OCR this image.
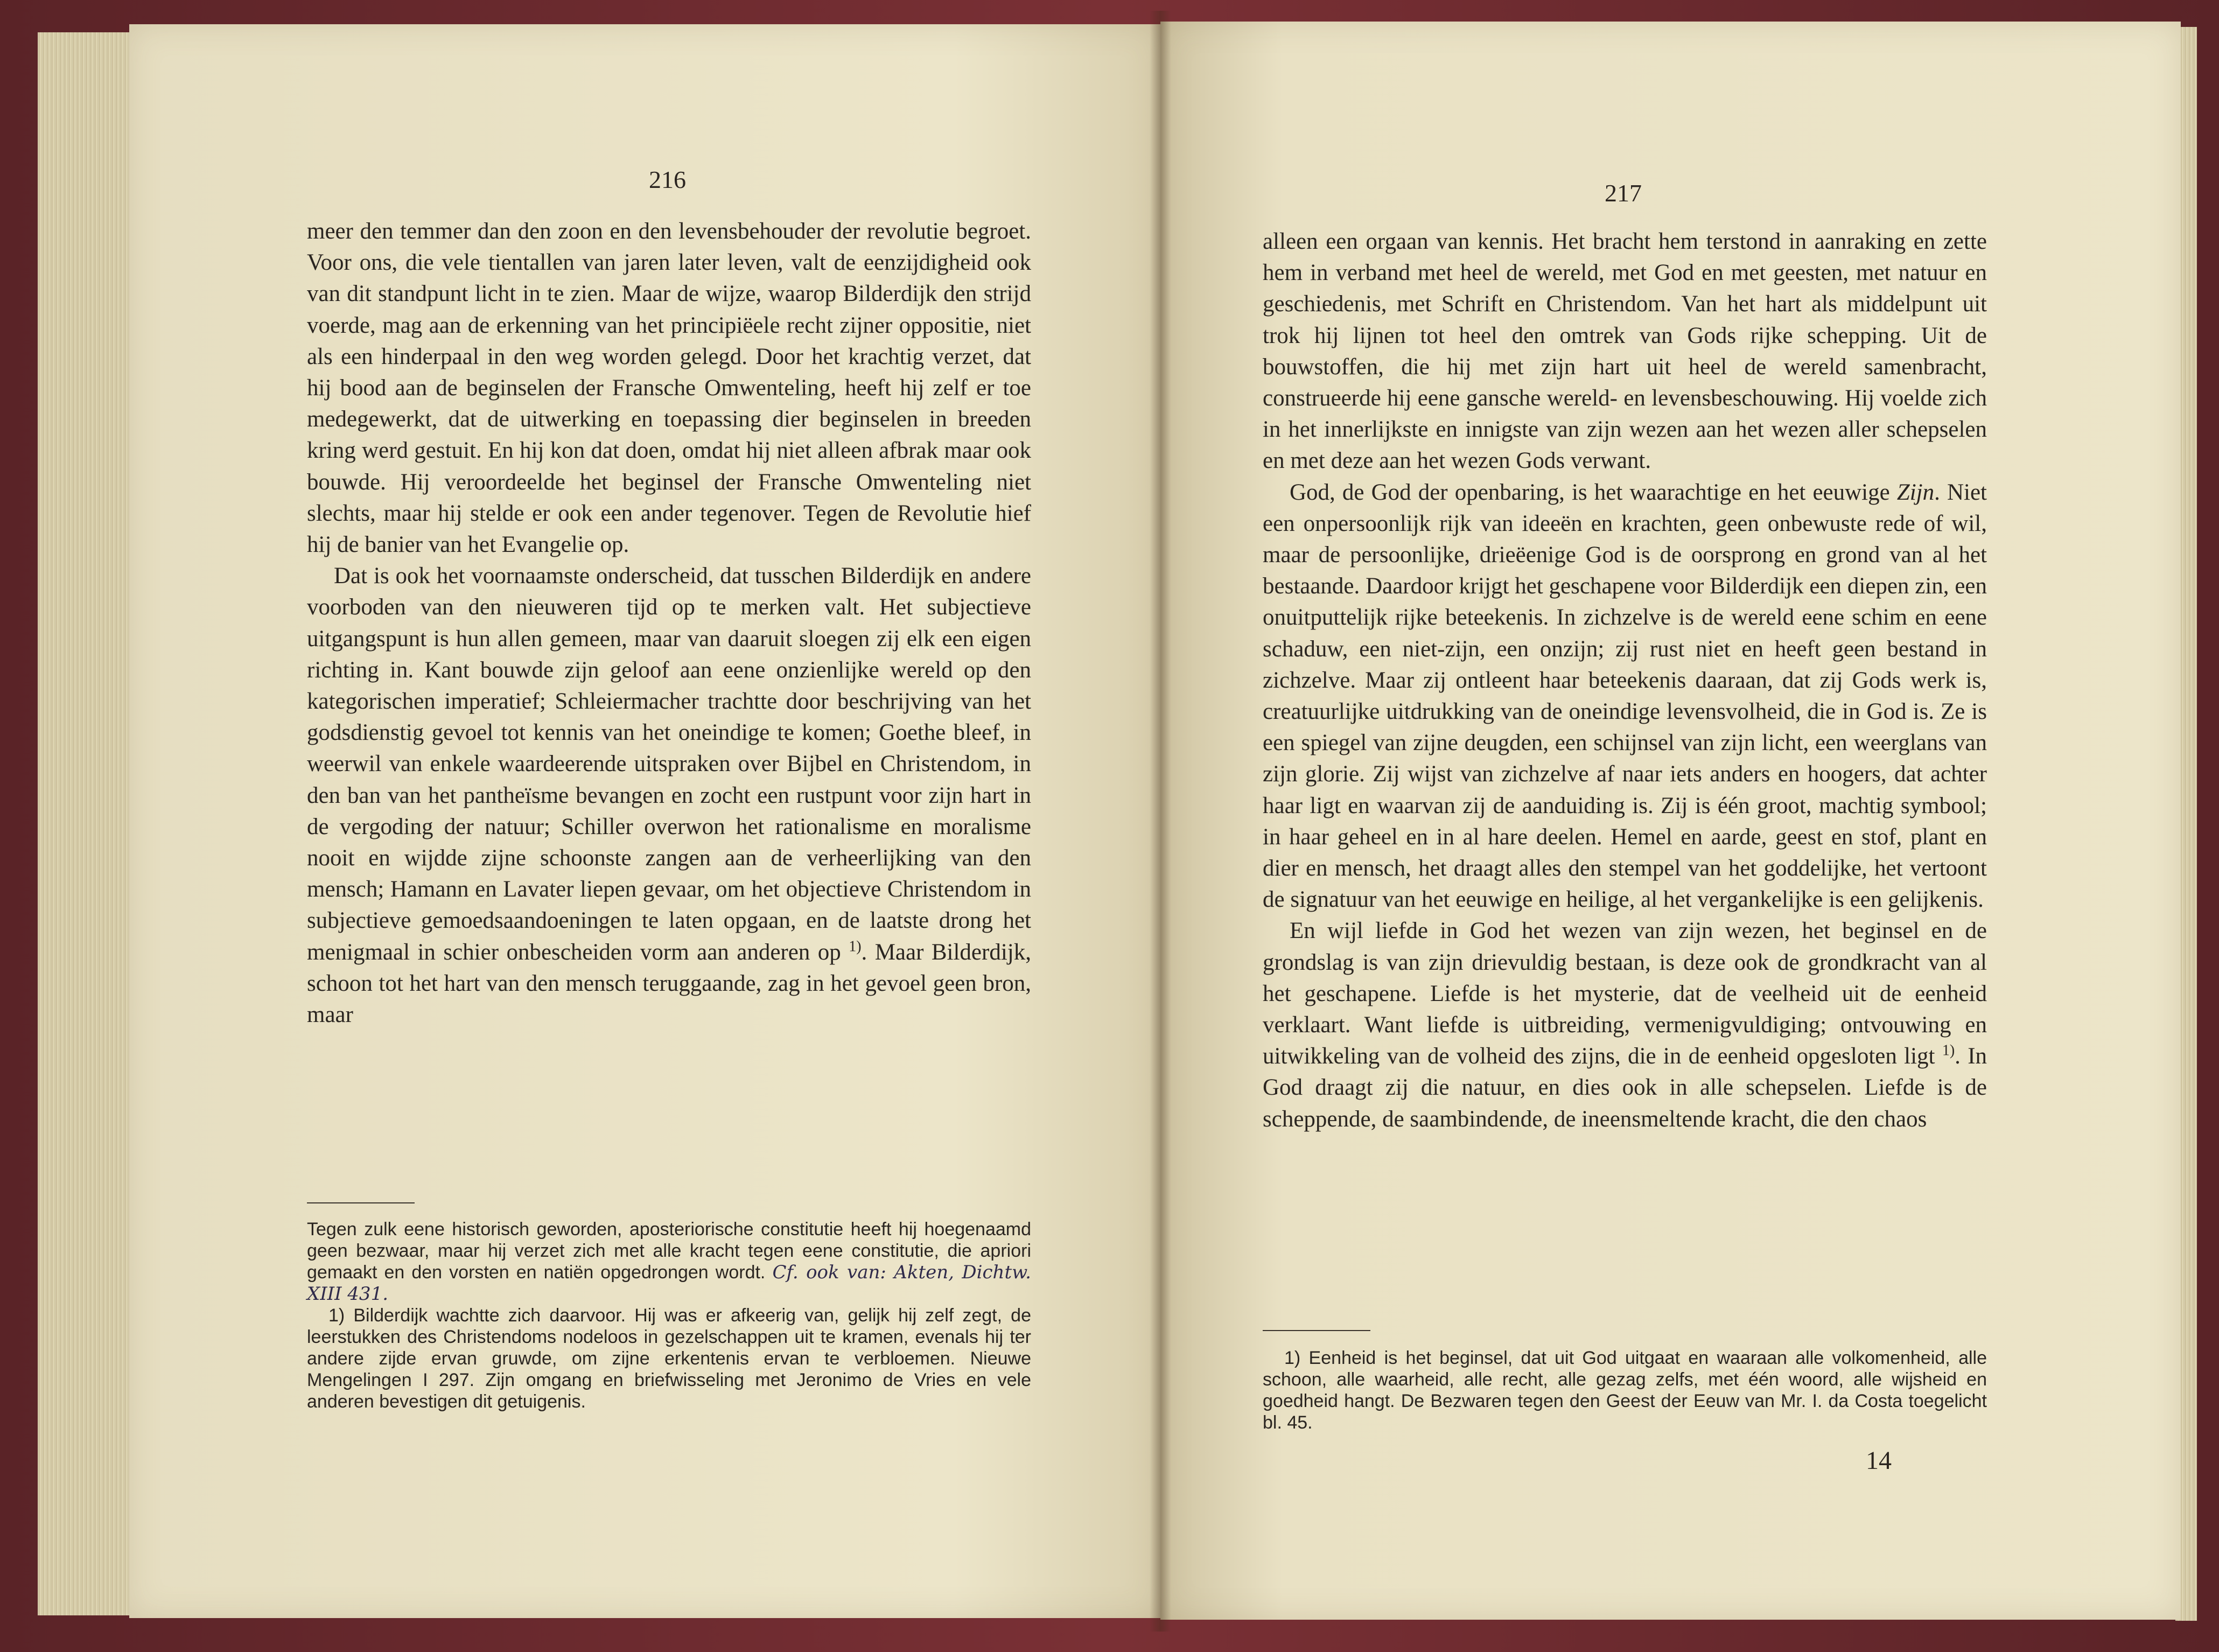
216

meer den temmer dan den zoon en den levensbehouder der revolutie begroet. Voor ons, die vele tientallen van jaren later leven, valt de eenzijdigheid ook van dit standpunt licht in te zien. Maar de wijze, waarop Bilderdijk den strijd voerde, mag aan de erkenning van het principiëele recht zijner oppositie, niet als een hinderpaal in den weg worden gelegd. Door het krachtig verzet, dat hij bood aan de beginselen der Fransche Omwenteling, heeft hij zelf er toe medegewerkt, dat de uitwerking en toepassing dier beginselen in breeden kring werd gestuit. En hij kon dat doen, omdat hij niet alleen afbrak maar ook bouwde. Hij veroordeelde het beginsel der Fransche Omwenteling niet slechts, maar hij stelde er ook een ander tegenover. Tegen de Revolutie hief hij de banier van het Evangelie op.

Dat is ook het voornaamste onderscheid, dat tusschen Bilderdijk en andere voorboden van den nieuweren tijd op te merken valt. Het subjectieve uitgangspunt is hun allen gemeen, maar van daaruit sloegen zij elk een eigen richting in. Kant bouwde zijn geloof aan eene onzienlijke wereld op den kategorischen imperatief; Schleiermacher trachtte door beschrijving van het godsdienstig gevoel tot kennis van het oneindige te komen; Goethe bleef, in weerwil van enkele waardeerende uitspraken over Bijbel en Christendom, in den ban van het pantheïsme bevangen en zocht een rustpunt voor zijn hart in de vergoding der natuur; Schiller overwon het rationalisme en moralisme nooit en wijdde zijne schoonste zangen aan de verheerlijking van den mensch; Hamann en Lavater liepen gevaar, om het objectieve Christendom in subjectieve gemoedsaandoeningen te laten opgaan, en de laatste drong het menigmaal in schier onbescheiden vorm aan anderen op $^{1)}$. Maar Bilderdijk, schoon tot het hart van den mensch teruggaande, zag in het gevoel geen bron, maar

Tegen zulk eene historisch geworden, aposteriorische constitutie heeft hij hoegenaamd geen bezwaar, maar hij verzet zich met alle kracht tegen eene constitutie, die apriori gemaakt en den vorsten en natiën opgedrongen wordt. Cf. ook van: Akten, Dichtw. XIII 431.

1) Bilderdijk wachtte zich daarvoor. Hij was er afkeerig van, gelijk hij zelf zegt, de leerstukken des Christendoms nodeloos in gezelschappen uit te kramen, evenals hij ter andere zijde ervan gruwde, om zijne erkentenis ervan te verbloemen. Nieuwe Mengelingen I 297. Zijn omgang en briefwisseling met Jeronimo de Vries en vele anderen bevestigen dit getuigenis.

217

alleen een orgaan van kennis. Het bracht hem terstond in aanraking en zette hem in verband met heel de wereld, met God en met geesten, met natuur en geschiedenis, met Schrift en Christendom. Van het hart als middelpunt uit trok hij lijnen tot heel den omtrek van Gods rijke schepping. Uit de bouwstoffen, die hij met zijn hart uit heel de wereld samenbracht, construeerde hij eene gansche wereld- en levensbeschouwing. Hij voelde zich in het innerlijkste en innigste van zijn wezen aan het wezen aller schepselen en met deze aan het wezen Gods verwant.

God, de God der openbaring, is het waarachtige en het eeuwige Zijn. Niet een onpersoonlijk rijk van ideeën en krachten, geen onbewuste rede of wil, maar de persoonlijke, drieëenige God is de oorsprong en grond van al het bestaande. Daardoor krijgt het geschapene voor Bilderdijk een diepen zin, een onuitputtelijk rijke beteekenis. In zichzelve is de wereld eene schim en eene schaduw, een niet-zijn, een onzijn; zij rust niet en heeft geen bestand in zichzelve. Maar zij ontleent haar beteekenis daaraan, dat zij Gods werk is, creatuurlijke uitdrukking van de oneindige levensvolheid, die in God is. Ze is een spiegel van zijne deugden, een schijnsel van zijn licht, een weerglans van zijn glorie. Zij wijst van zichzelve af naar iets anders en hoogers, dat achter haar ligt en waarvan zij de aanduiding is. Zij is één groot, machtig symbool; in haar geheel en in al hare deelen. Hemel en aarde, geest en stof, plant en dier en mensch, het draagt alles den stempel van het goddelijke, het vertoont de signatuur van het eeuwige en heilige, al het vergankelijke is een gelijkenis.

En wijl liefde in God het wezen van zijn wezen, het beginsel en de grondslag is van zijn drievuldig bestaan, is deze ook de grondkracht van al het geschapene. Liefde is het mysterie, dat de veelheid uit de eenheid verklaart. Want liefde is uitbreiding, vermenigvuldiging; ontvouwing en uitwikkeling van de volheid des zijns, die in de eenheid opgesloten ligt $^{1)}$. In God draagt zij die natuur, en dies ook in alle schepselen. Liefde is de scheppende, de saambindende, de ineensmeltende kracht, die den chaos

1) Eenheid is het beginsel, dat uit God uitgaat en waaraan alle volkomenheid, alle schoon, alle waarheid, alle recht, alle gezag zelfs, met één woord, alle wijsheid en goedheid hangt. De Bezwaren tegen den Geest der Eeuw van Mr. I. da Costa toegelicht bl. 45.

14
